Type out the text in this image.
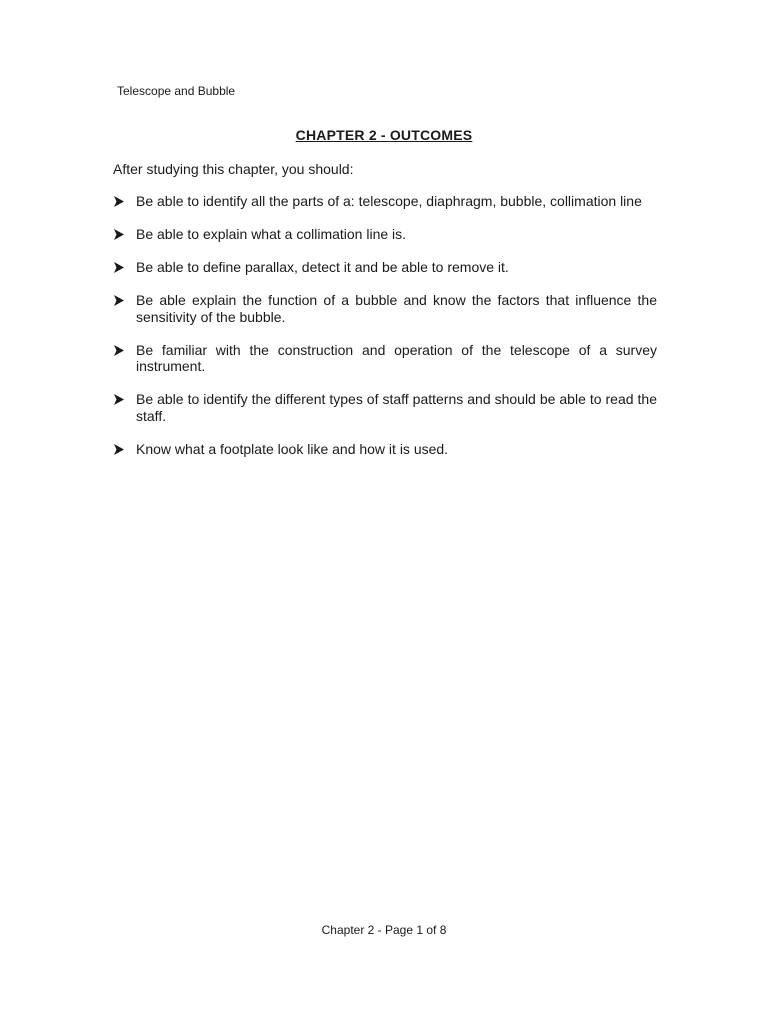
Telescope and Bubble
CHAPTER 2 - OUTCOMES
After studying this chapter, you should:
Be able to identify all the parts of a: telescope, diaphragm, bubble, collimation line
Be able to explain what a collimation line is.
Be able to define parallax, detect it and be able to remove it.
Be able explain the function of a bubble and know the factors that influence the sensitivity of the bubble.
Be familiar with the construction and operation of the telescope of a survey instrument.
Be able to identify the different types of staff patterns and should be able to read the staff.
Know what a footplate look like and how it is used.
Chapter 2 - Page 1 of 8
